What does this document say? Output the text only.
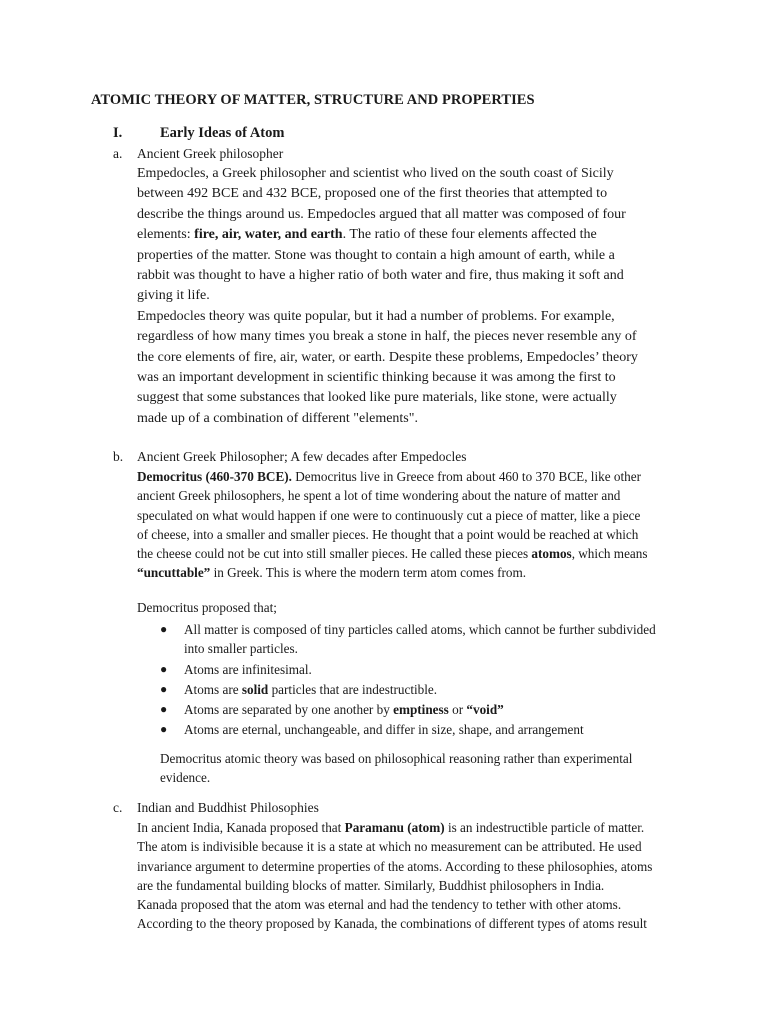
ATOMIC THEORY OF MATTER, STRUCTURE AND PROPERTIES
I.	Early Ideas of Atom
a. Ancient Greek philosopher
Empedocles, a Greek philosopher and scientist who lived on the south coast of Sicily
between 492 BCE and 432 BCE, proposed one of the first theories that attempted to
describe the things around us. Empedocles argued that all matter was composed of four
elements: fire, air, water, and earth. The ratio of these four elements affected the
properties of the matter. Stone was thought to contain a high amount of earth, while a
rabbit was thought to have a higher ratio of both water and fire, thus making it soft and
giving it life.
Empedocles theory was quite popular, but it had a number of problems. For example,
regardless of how many times you break a stone in half, the pieces never resemble any of
the core elements of fire, air, water, or earth. Despite these problems, Empedocles’ theory
was an important development in scientific thinking because it was among the first to
suggest that some substances that looked like pure materials, like stone, were actually
made up of a combination of different "elements".
b. Ancient Greek Philosopher; A few decades after Empedocles
Democritus (460-370 BCE). Democritus live in Greece from about 460 to 370 BCE, like other
ancient Greek philosophers, he spent a lot of time wondering about the nature of matter and
speculated on what would happen if one were to continuously cut a piece of matter, like a piece
of cheese, into a smaller and smaller pieces. He thought that a point would be reached at which
the cheese could not be cut into still smaller pieces. He called these pieces atomos, which means
“uncuttable” in Greek. This is where the modern term atom comes from.
Democritus proposed that;
● All matter is composed of tiny particles called atoms, which cannot be further subdivided
into smaller particles.
● Atoms are infinitesimal.
● Atoms are solid particles that are indestructible.
● Atoms are separated by one another by emptiness or “void”
● Atoms are eternal, unchangeable, and differ in size, shape, and arrangement
Democritus atomic theory was based on philosophical reasoning rather than experimental
evidence.
c. Indian and Buddhist Philosophies
In ancient India, Kanada proposed that Paramanu (atom) is an indestructible particle of matter.
The atom is indivisible because it is a state at which no measurement can be attributed. He used
invariance argument to determine properties of the atoms. According to these philosophies, atoms
are the fundamental building blocks of matter. Similarly, Buddhist philosophers in India.
Kanada proposed that the atom was eternal and had the tendency to tether with other atoms.
According to the theory proposed by Kanada, the combinations of different types of atoms result
